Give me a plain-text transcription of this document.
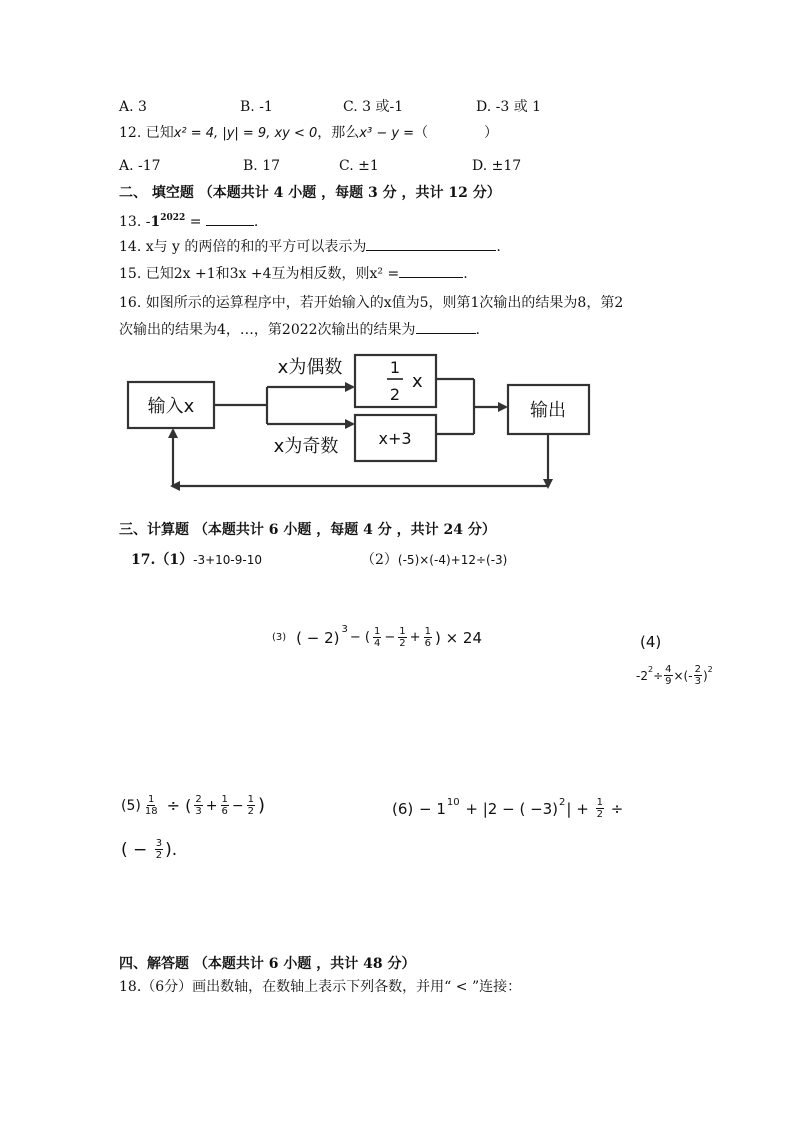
A. 3	B. -1	C. 3 或-1	D. -3 或 1
12. 已知x² = 4, |y| = 9, xy < 0，那么x³ − y =（　　　　）
A. -17	B. 17	C. ±1	D. ±17
二、 填空题 （本题共计 4 小题 ，每题 3 分 ，共计 12 分）
13. $-1^{2022}$ =	.
14. x与 y 的两倍的和的平方可以表示为	.
15. 已知2x +1和3x +4互为相反数，则x² =	.
16. 如图所示的运算程序中，若开始输入的x值为5，则第1次输出的结果为8，第2
次输出的结果为4，…，第2022次输出的结果为	.
输入x
x为偶数
x为奇数
1
2
x
x+3
输出
三、计算题 （本题共计 6 小题 ，每题 4 分 ，共计 24 分）
17.（1）-3+10-9-10	（2）(-5)×(-4)+12÷(-3)
(3) ( − 2) 3
− ( $\frac{1}{4} - \frac{1}{2} + \frac{1}{6}$ ) × 24	(4)
-2 $2 \div \frac{4}{9}$ ×(- $\frac{2}{3}$ ) 2
$(5) \frac{1}{18}$ ÷ ( $\frac{2}{3} + \frac{1}{6} - \frac{1}{2}$ )	(6) − 1 10 + |2 − ( −3) 2 | + $\frac{1}{2}$ ÷
( − $\frac{3}{2}$ ).
四、解答题 （本题共计 6 小题 ，共计 48 分）
18.（6分）画出数轴，在数轴上表示下列各数，并用“ < ”连接：
